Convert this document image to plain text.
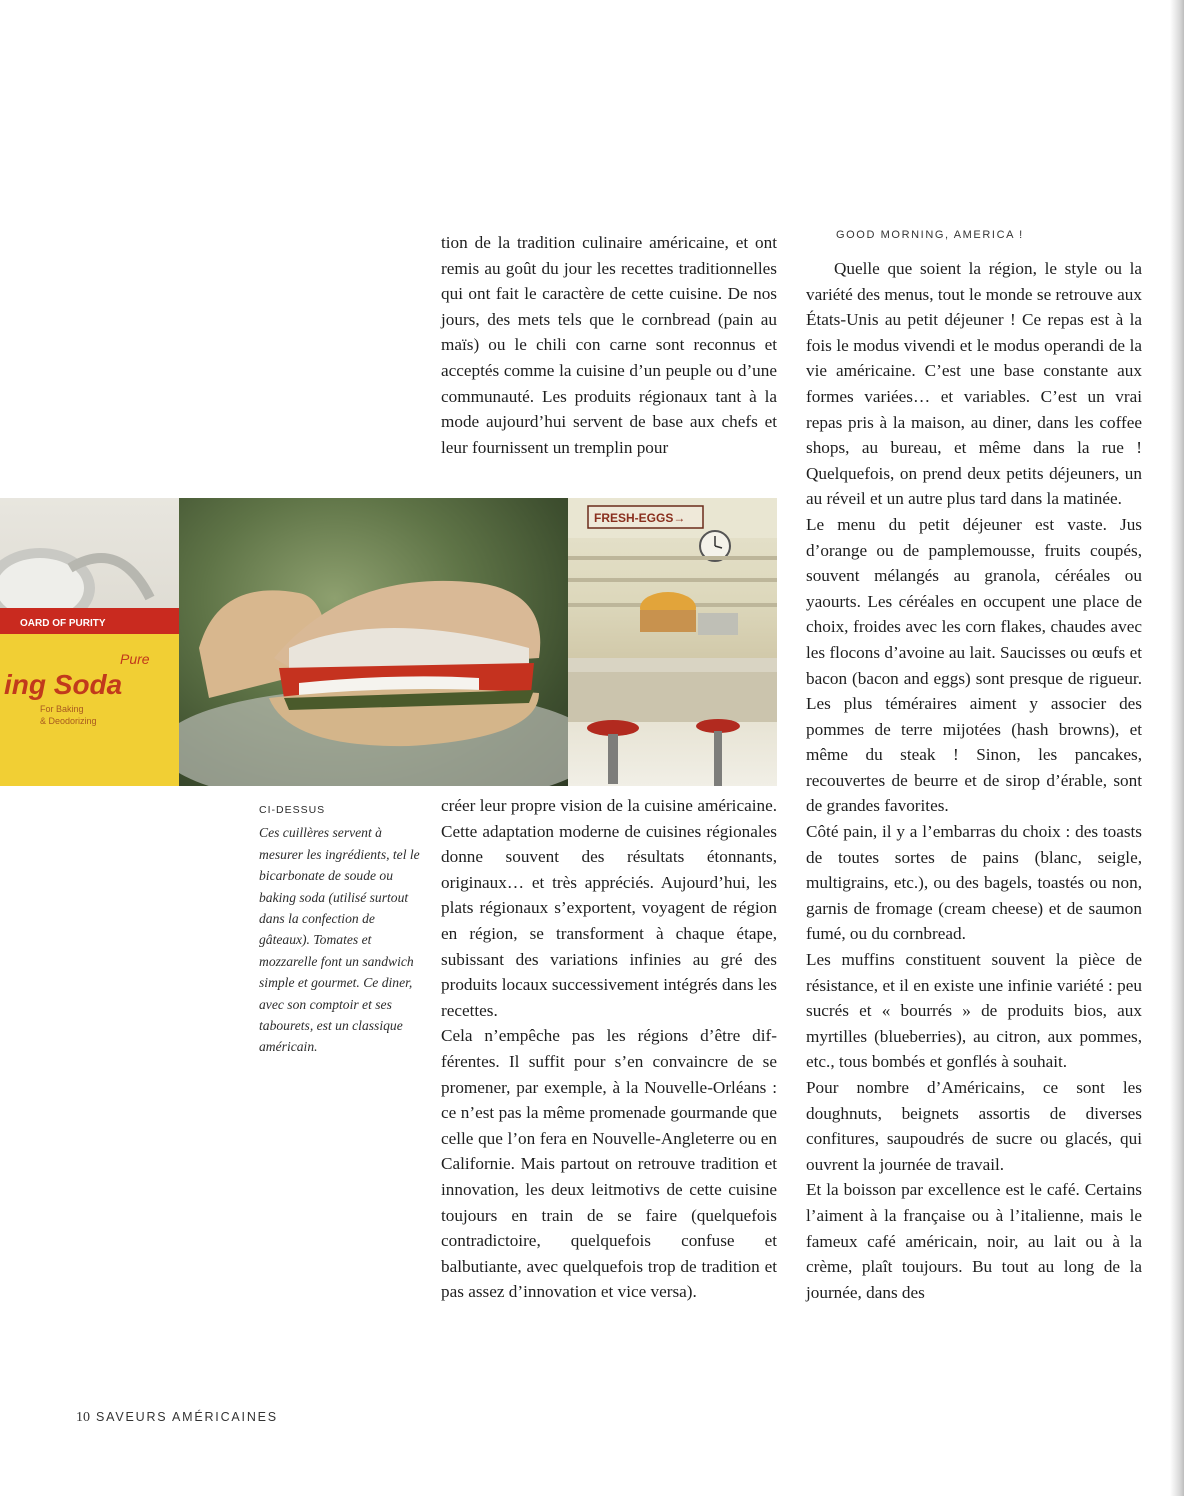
tion de la tradition culinaire américaine, et ont remis au goût du jour les recettes traditionnelles qui ont fait le caractère de cette cuisine. De nos jours, des mets tels que le cornbread (pain au maïs) ou le chili con carne sont reconnus et acceptés comme la cuisine d’un peuple ou d’une communauté. Les produits régionaux tant à la mode aujourd’hui servent de base aux chefs et leur fournissent un tremplin pour

OARD OF PURITY
Pure
ing Soda
For Baking
& Deodorizing
FRESH-EGGS→
CI-DESSUS
Ces cuillères servent à mesurer les ingrédients, tel le bicarbonate de soude ou baking soda (utilisé surtout dans la confection de gâteaux). Tomates et mozzarelle font un sandwich simple et gourmet. Ce diner, avec son comptoir et ses tabourets, est un classique américain.

créer leur propre vision de la cuisine américaine. Cette adaptation moderne de cuisines régionales donne souvent des résultats étonnants, originaux… et très appréciés. Aujourd’hui, les plats régionaux s’exportent, voyagent de région en région, se transforment à chaque étape, subissant des variations infinies au gré des produits locaux successivement intégrés dans les recettes.

Cela n’empêche pas les régions d’être différentes. Il suffit pour s’en convaincre de se promener, par exemple, à la Nouvelle-Orléans : ce n’est pas la même promenade gourmande que celle que l’on fera en Nouvelle-Angleterre ou en Californie. Mais partout on retrouve tradition et innovation, les deux leitmotivs de cette cuisine toujours en train de se faire (quelquefois contradictoire, quelquefois confuse et balbutiante, avec quelquefois trop de tradition et pas assez d’innovation et vice versa).

GOOD MORNING, AMERICA !

Quelle que soient la région, le style ou la variété des menus, tout le monde se retrouve aux États-Unis au petit déjeuner ! Ce repas est à la fois le modus vivendi et le modus operandi de la vie américaine. C’est une base constante aux formes variées… et variables. C’est un vrai repas pris à la maison, au diner, dans les coffee shops, au bureau, et même dans la rue ! Quelquefois, on prend deux petits déjeuners, un au réveil et un autre plus tard dans la matinée.

Le menu du petit déjeuner est vaste. Jus d’orange ou de pamplemousse, fruits coupés, souvent mélangés au granola, céréales ou yaourts. Les céréales en occupent une place de choix, froides avec les corn flakes, chaudes avec les flocons d’avoine au lait. Saucisses ou œufs et bacon (bacon and eggs) sont presque de rigueur. Les plus téméraires aiment y associer des pommes de terre mijotées (hash browns), et même du steak ! Sinon, les pancakes, recouvertes de beurre et de sirop d’érable, sont de grandes favorites.

Côté pain, il y a l’embarras du choix : des toasts de toutes sortes de pains (blanc, seigle, multigrains, etc.), ou des bagels, toastés ou non, garnis de fromage (cream cheese) et de saumon fumé, ou du cornbread.

Les muffins constituent souvent la pièce de résistance, et il en existe une infinie variété : peu sucrés et « bourrés » de produits bios, aux myrtilles (blueberries), au citron, aux pommes, etc., tous bombés et gonflés à souhait.

Pour nombre d’Américains, ce sont les doughnuts, beignets assortis de diverses confitures, saupoudrés de sucre ou glacés, qui ouvrent la journée de travail.

Et la boisson par excellence est le café. Certains l’aiment à la française ou à l’italienne, mais le fameux café américain, noir, au lait ou à la crème, plaît toujours. Bu tout au long de la journée, dans des

10 SAVEURS AMÉRICAINES
